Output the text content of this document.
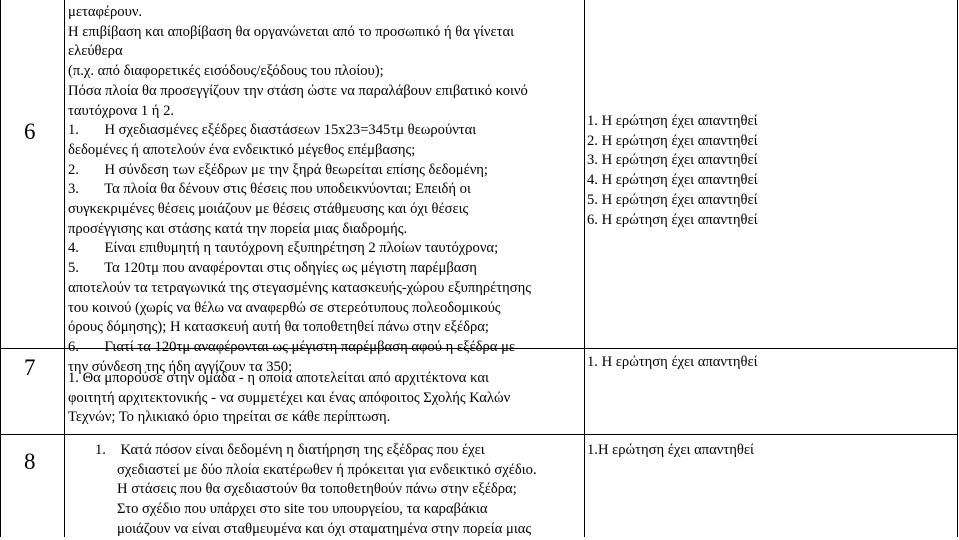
6
μεταφέρουν.
Η επιβίβαση και αποβίβαση θα οργανώνεται από το προσωπικό ή θα γίνεται
ελεύθερα
(π.χ. από διαφορετικές εισόδους/εξόδους του πλοίου);
Πόσα πλοία θα προσεγγίζουν την στάση ώστε να παραλάβουν επιβατικό κοινό
ταυτόχρονα 1 ή 2.
1.       Η σχεδιασμένες εξέδρες διαστάσεων 15x23=345τμ θεωρούνται
δεδομένες ή αποτελούν ένα ενδεικτικό μέγεθος επέμβασης;
2.       Η σύνδεση των εξέδρων με την ξηρά θεωρείται επίσης δεδομένη;
3.       Τα πλοία θα δένουν στις θέσεις που υποδεικνύονται; Επειδή οι
συγκεκριμένες θέσεις μοιάζουν με θέσεις στάθμευσης και όχι θέσεις
προσέγγισης και στάσης κατά την πορεία μιας διαδρομής.
4.       Είναι επιθυμητή η ταυτόχρονη εξυπηρέτηση 2 πλοίων ταυτόχρονα;
5.       Τα 120τμ που αναφέρονται στις οδηγίες ως μέγιστη παρέμβαση
αποτελούν τα τετραγωνικά της στεγασμένης κατασκευής-χώρου εξυπηρέτησης
του κοινού (χωρίς να θέλω να αναφερθώ σε στερεότυπους πολεοδομικούς
όρους δόμησης); Η κατασκευή αυτή θα τοποθετηθεί πάνω στην εξέδρα;
6.       Γιατί τα 120τμ αναφέρονται ως μέγιστη παρέμβαση αφού η εξέδρα με
την σύνδεση της ήδη αγγίζουν τα 350;
1. Η ερώτηση έχει απαντηθεί
2. Η ερώτηση έχει απαντηθεί
3. Η ερώτηση έχει απαντηθεί
4. Η ερώτηση έχει απαντηθεί
5. Η ερώτηση έχει απαντηθεί
6. Η ερώτηση έχει απαντηθεί
7 1. Θα μπορούσε στην ομάδα - η οποία αποτελείται από αρχιτέκτονα και
φοιτητή αρχιτεκτονικής - να συμμετέχει και ένας απόφοιτος Σχολής Καλών
Τεχνών; Το ηλικιακό όριο τηρείται σε κάθε περίπτωση.
1. Η ερώτηση έχει απαντηθεί
8	1.    Κατά πόσον είναι δεδομένη η διατήρηση της εξέδρας που έχει
σχεδιαστεί με δύο πλοία εκατέρωθεν ή πρόκειται για ενδεικτικό σχέδιο.
Η στάσεις που θα σχεδιαστούν θα τοποθετηθούν πάνω στην εξέδρα;
Στο σχέδιο που υπάρχει στο site του υπουργείου, τα καραβάκια
μοιάζουν να είναι σταθμευμένα και όχι σταματημένα στην πορεία μιας
1.Η ερώτηση έχει απαντηθεί
